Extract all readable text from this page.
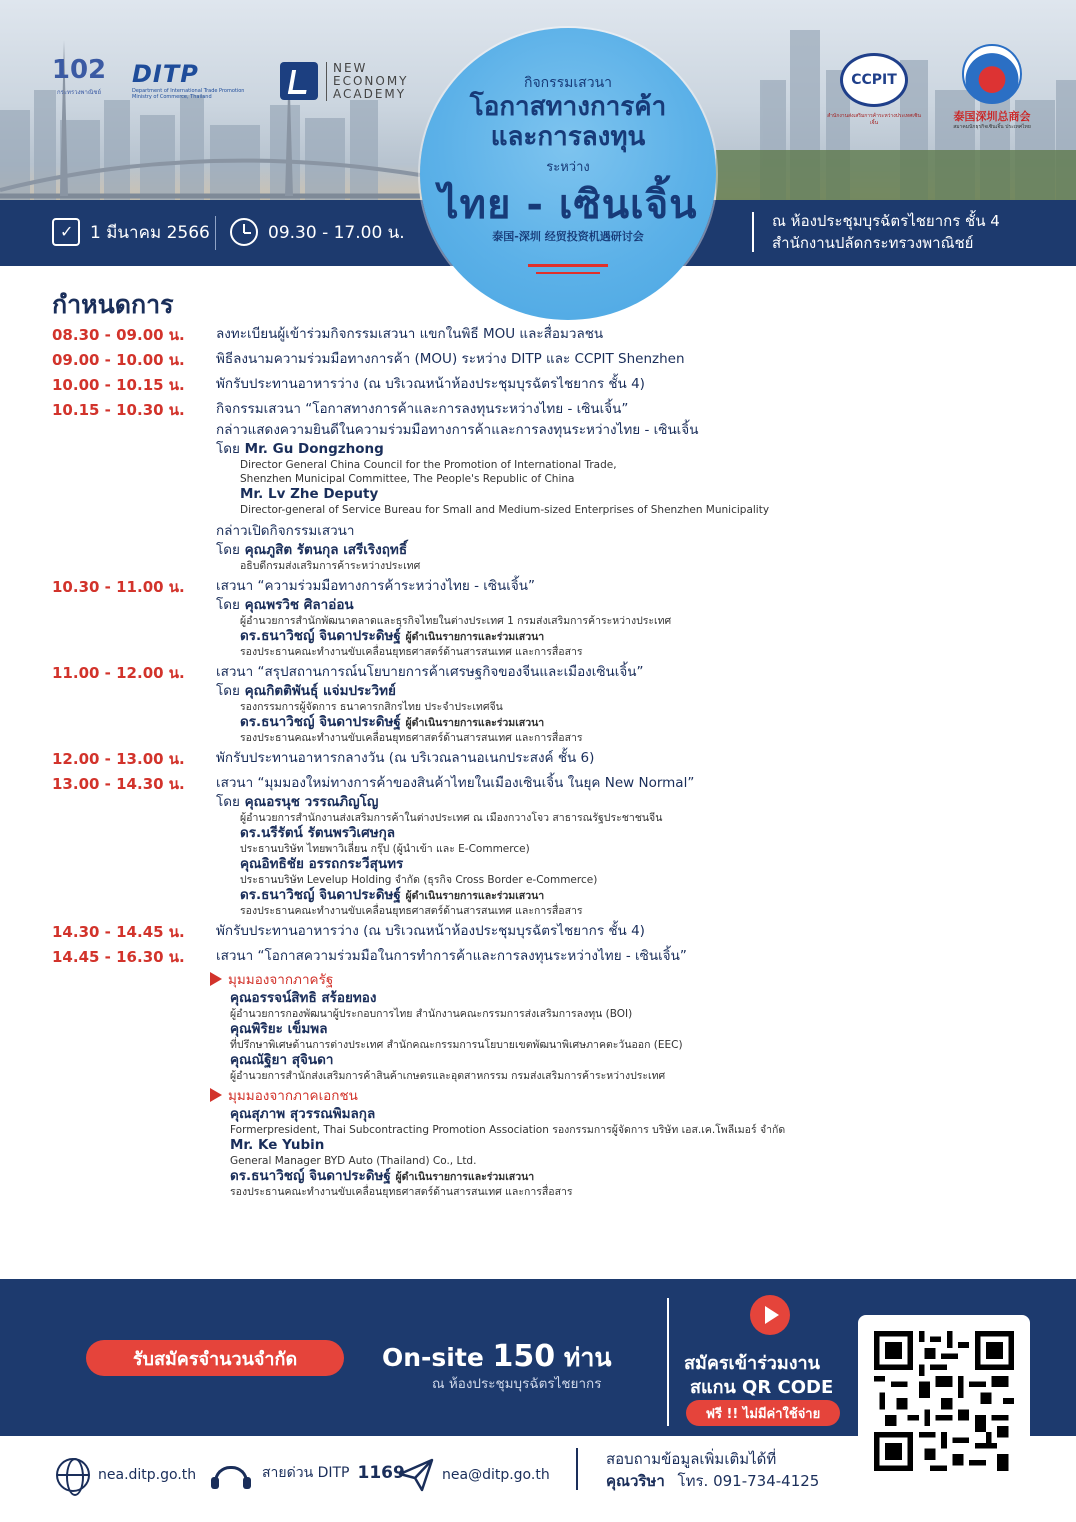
102
กระทรวงพาณิชย์
DITP
Department of International Trade Promotion Ministry of Commerce, Thailand
NEW
ECONOMY
ACADEMY
CCPIT
สำนักงานส่งเสริมการค้าระหว่างประเทศเซินเจิ้น	泰国深圳总商会
สมาคมนักธุรกิจเซินเจิ้น ประเทศไทย
✓
1 มีนาคม 2566	09.30 - 17.00 น.
ณ ห้องประชุมบุรฉัตรไชยากร ชั้น 4
สำนักงานปลัดกระทรวงพาณิชย์
กิจกรรมเสวนา
โอกาสทางการค้า
และการลงทุน
ระหว่าง
ไทย - เซินเจิ้น
泰国-深圳 经贸投资机遇研讨会
กำหนดการ
08.30 - 09.00 น.	ลงทะเบียนผู้เข้าร่วมกิจกรรมเสวนา แขกในพิธี MOU และสื่อมวลชน
09.00 - 10.00 น.	พิธีลงนามความร่วมมือทางการค้า (MOU) ระหว่าง DITP และ CCPIT Shenzhen
10.00 - 10.15 น.	พักรับประทานอาหารว่าง (ณ บริเวณหน้าห้องประชุมบุรฉัตรไชยากร ชั้น 4)
10.15 - 10.30 น.	กิจกรรมเสวนา “โอกาสทางการค้าและการลงทุนระหว่างไทย - เซินเจิ้น”
กล่าวแสดงความยินดีในความร่วมมือทางการค้าและการลงทุนระหว่างไทย - เซินเจิ้น
โดย Mr. Gu Dongzhong
Director General China Council for the Promotion of International Trade,
Shenzhen Municipal Committee, The People's Republic of China
Mr. Lv Zhe Deputy
Director-general of Service Bureau for Small and Medium-sized Enterprises of Shenzhen Municipality
กล่าวเปิดกิจกรรมเสวนา
โดย คุณภูสิต รัตนกุล เสรีเริงฤทธิ์
อธิบดีกรมส่งเสริมการค้าระหว่างประเทศ
10.30 - 11.00 น.	เสวนา “ความร่วมมือทางการค้าระหว่างไทย - เซินเจิ้น”
โดย คุณพรวิช ศิลาอ่อน
ผู้อำนวยการสำนักพัฒนาตลาดและธุรกิจไทยในต่างประเทศ 1 กรมส่งเสริมการค้าระหว่างประเทศ
ดร.ธนาวิชญ์ จินดาประดิษฐ์ ผู้ดำเนินรายการและร่วมเสวนา
รองประธานคณะทำงานขับเคลื่อนยุทธศาสตร์ด้านสารสนเทศ และการสื่อสาร
11.00 - 12.00 น.	เสวนา “สรุปสถานการณ์นโยบายการค้าเศรษฐกิจของจีนและเมืองเซินเจิ้น”
โดย คุณกิตติพันธุ์ แจ่มประวิทย์
รองกรรมการผู้จัดการ ธนาคารกสิกรไทย ประจำประเทศจีน
ดร.ธนาวิชญ์ จินดาประดิษฐ์ ผู้ดำเนินรายการและร่วมเสวนา
รองประธานคณะทำงานขับเคลื่อนยุทธศาสตร์ด้านสารสนเทศ และการสื่อสาร
12.00 - 13.00 น.	พักรับประทานอาหารกลางวัน (ณ บริเวณลานอเนกประสงค์ ชั้น 6)
13.00 - 14.30 น.	เสวนา “มุมมองใหม่ทางการค้าของสินค้าไทยในเมืองเซินเจิ้น ในยุค New Normal”
โดย คุณอรนุช วรรณภิญโญ
ผู้อำนวยการสำนักงานส่งเสริมการค้าในต่างประเทศ ณ เมืองกวางโจว สาธารณรัฐประชาชนจีน
ดร.นรีรัตน์ รัตนพรวิเศษกุล
ประธานบริษัท ไทยพาวิเลี่ยน กรุ๊ป (ผู้นำเข้า และ E-Commerce)
คุณอิทธิชัย อรรถกระวีสุนทร
ประธานบริษัท Levelup Holding จำกัด (ธุรกิจ Cross Border e-Commerce)
ดร.ธนาวิชญ์ จินดาประดิษฐ์ ผู้ดำเนินรายการและร่วมเสวนา
รองประธานคณะทำงานขับเคลื่อนยุทธศาสตร์ด้านสารสนเทศ และการสื่อสาร
14.30 - 14.45 น.	พักรับประทานอาหารว่าง (ณ บริเวณหน้าห้องประชุมบุรฉัตรไชยากร ชั้น 4)
14.45 - 16.30 น.	เสวนา “โอกาสความร่วมมือในการทำการค้าและการลงทุนระหว่างไทย - เซินเจิ้น”
มุมมองจากภาครัฐ
คุณอรรจน์สิทธิ สร้อยทอง
ผู้อำนวยการกองพัฒนาผู้ประกอบการไทย สำนักงานคณะกรรมการส่งเสริมการลงทุน (BOI)
คุณพิริยะ เข็มพล
ที่ปรึกษาพิเศษด้านการต่างประเทศ สำนักคณะกรรมการนโยบายเขตพัฒนาพิเศษภาคตะวันออก (EEC)
คุณณัฐิยา สุจินดา
ผู้อำนวยการสำนักส่งเสริมการค้าสินค้าเกษตรและอุตสาหกรรม กรมส่งเสริมการค้าระหว่างประเทศ
มุมมองจากภาคเอกชน
คุณสุภาพ สุวรรณพิมลกุล
Formerpresident, Thai Subcontracting Promotion Association รองกรรมการผู้จัดการ บริษัท เอส.เค.โพลีเมอร์ จำกัด
Mr. Ke Yubin
General Manager BYD Auto (Thailand) Co., Ltd.
ดร.ธนาวิชญ์ จินดาประดิษฐ์ ผู้ดำเนินรายการและร่วมเสวนา
รองประธานคณะทำงานขับเคลื่อนยุทธศาสตร์ด้านสารสนเทศ และการสื่อสาร
รับสมัครจำนวนจำกัด	On-site 150 ท่าน
ณ ห้องประชุมบุรฉัตรไชยากร
สมัครเข้าร่วมงาน
สแกน QR CODE
ฟรี !! ไม่มีค่าใช้จ่าย
nea.ditp.go.th	สายด่วน DITP 1169	nea@ditp.go.th
สอบถามข้อมูลเพิ่มเติมได้ที่
คุณวริษา โทร. 091-734-4125
